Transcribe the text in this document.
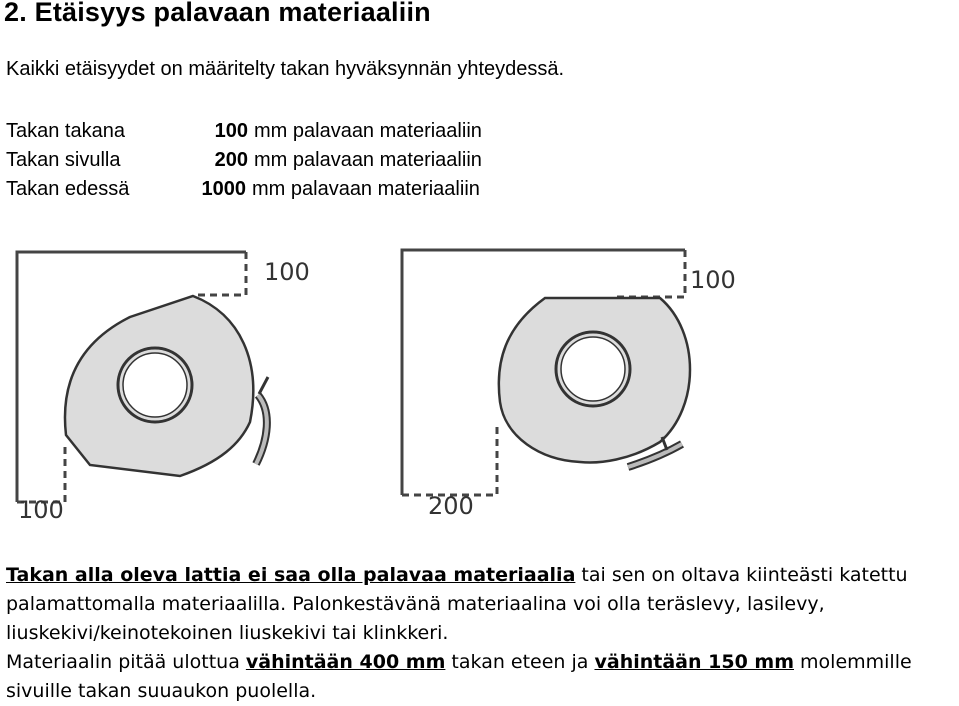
2. Etäisyys palavaan materiaaliin
Kaikki etäisyydet on määritelty takan hyväksynnän yhteydessä.
Takan takana	100 mm palavaan materiaaliin
Takan sivulla	200 mm palavaan materiaaliin
Takan edessä	1000 mm palavaan materiaaliin
100
100
100
200
Takan alla oleva lattia ei saa olla palavaa materiaalia tai sen on oltava kiinteästi katettu palamattomalla materiaalilla. Palonkestävänä materiaalina voi olla teräslevy, lasilevy, liuskekivi/keinotekoinen liuskekivi tai klinkkeri.
Materiaalin pitää ulottua vähintään 400 mm takan eteen ja vähintään 150 mm molemmille sivuille takan suuaukon puolella.
